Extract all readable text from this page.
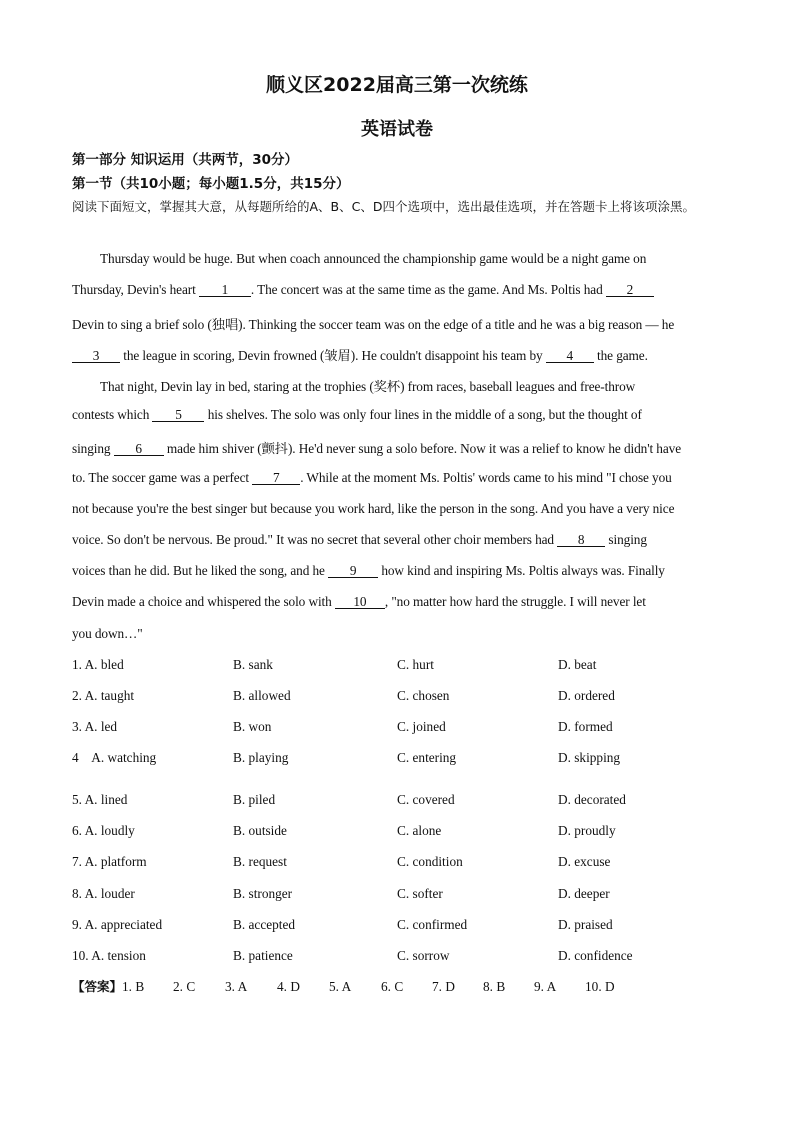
顺义区2022届高三第一次统练
英语试卷
第一部分 知识运用（共两节，30分）
第一节（共10小题；每小题1.5分，共15分）
阅读下面短文，掌握其大意，从每题所给的A、B、C、D四个选项中，选出最佳选项，并在答题卡上将该项涂黑。
Thursday would be huge. But when coach announced the championship game would be a night game on
Thursday, Devin's heart 1 . The concert was at the same time as the game. And Ms. Poltis had 2
Devin to sing a brief solo (独唱). Thinking the soccer team was on the edge of a title and he was a big reason — he
3 the league in scoring, Devin frowned (皱眉). He couldn't disappoint his team by 4 the game.
That night, Devin lay in bed, staring at the trophies (奖杯) from races, baseball leagues and free-throw
contests which 5 his shelves. The solo was only four lines in the middle of a song, but the thought of
singing 6 made him shiver (颤抖). He'd never sung a solo before. Now it was a relief to know he didn't have
to. The soccer game was a perfect 7 . While at the moment Ms. Poltis' words came to his mind "I chose you
not because you're the best singer but because you work hard, like the person in the song. And you have a very nice
voice. So don't be nervous. Be proud." It was no secret that several other choir members had 8 singing
voices than he did. But he liked the song, and he 9 how kind and inspiring Ms. Poltis always was. Finally
Devin made a choice and whispered the solo with 10 , "no matter how hard the struggle. I will never let
you down…"
1. A. bled	B. sank	C. hurt	D. beat
2. A. taught	B. allowed	C. chosen	D. ordered
3. A. led	B. won	C. joined	D. formed
4    A. watching	B. playing	C. entering	D. skipping
5. A. lined	B. piled	C. covered	D. decorated
6. A. loudly	B. outside	C. alone	D. proudly
7. A. platform	B. request	C. condition	D. excuse
8. A. louder	B. stronger	C. softer	D. deeper
9. A. appreciated	B. accepted	C. confirmed	D. praised
10. A. tension	B. patience	C. sorrow	D. confidence
【答案】1. B 2. C 3. A 4. D 5. A 6. C 7. D 8. B 9. A 10. D
